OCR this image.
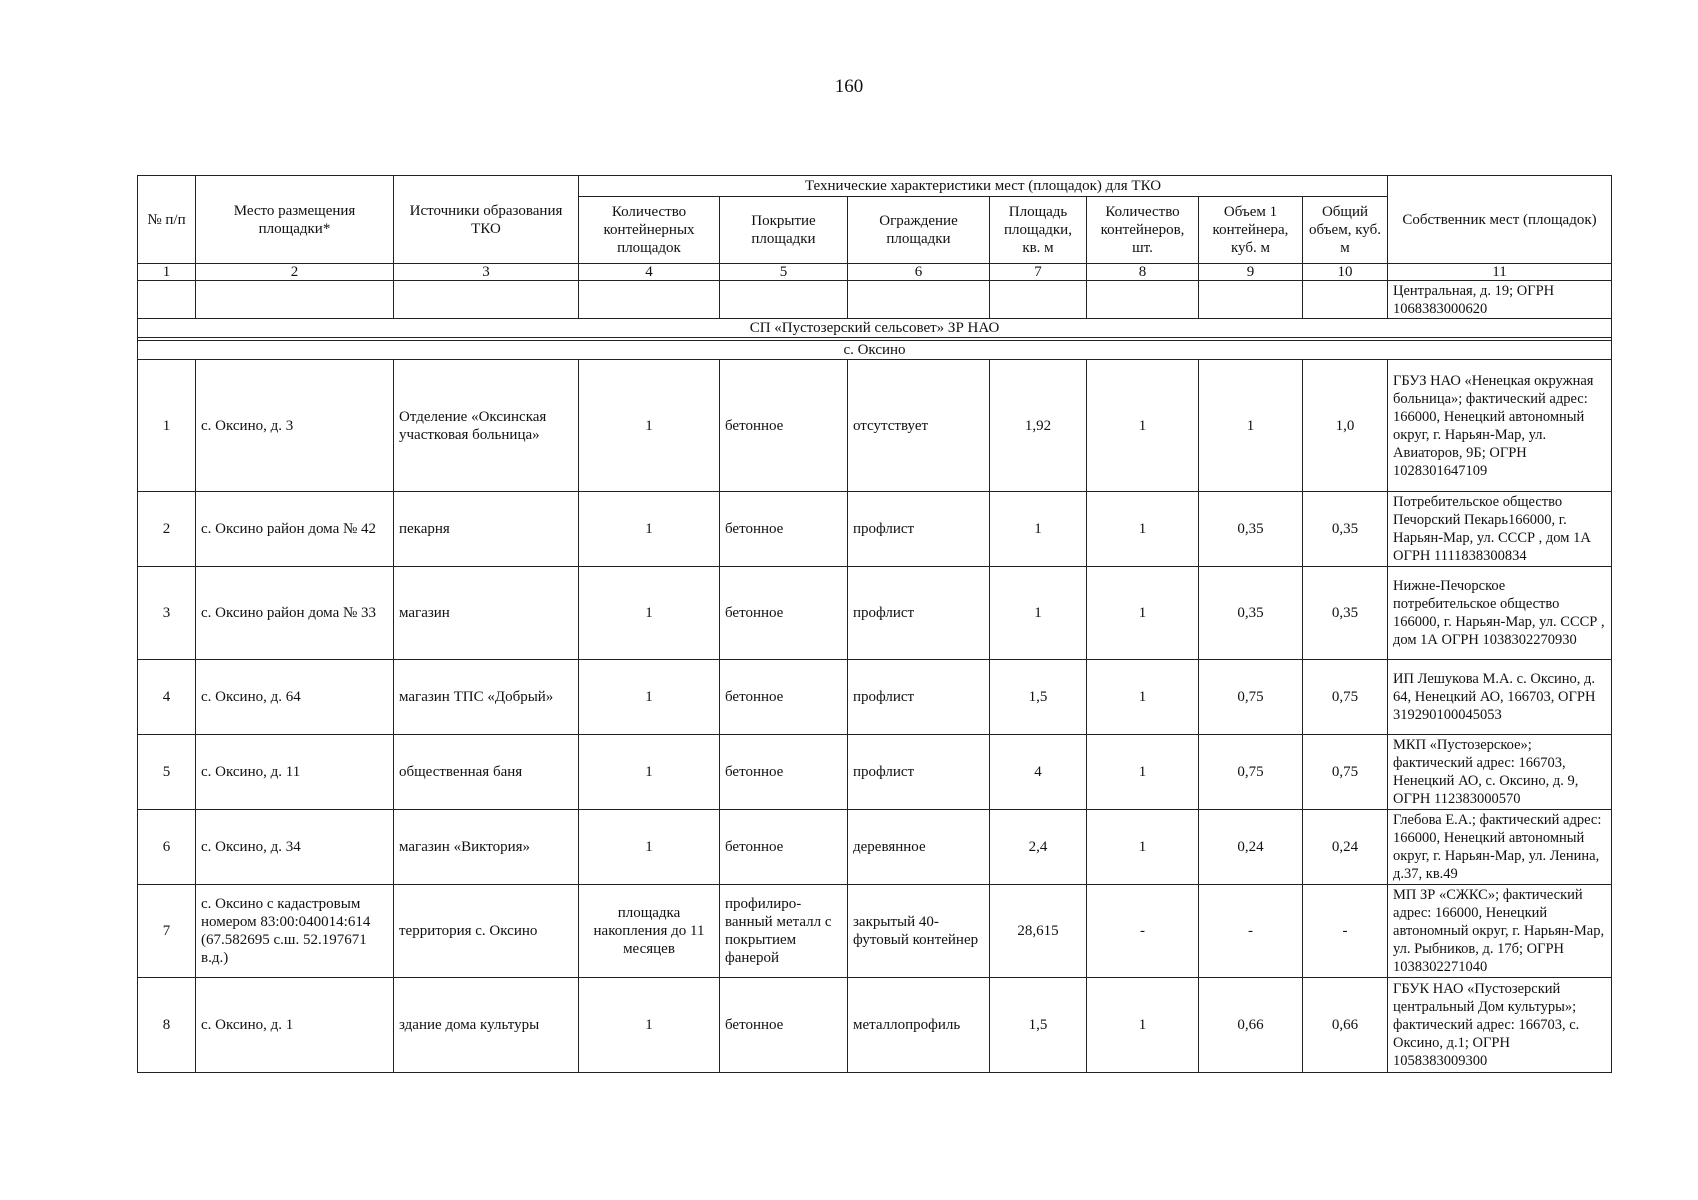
160
№ п/п	Место размещения площадки*	Источники образования ТКО	Технические характеристики мест (площадок) для ТКО							Собственник мест (площадок)
			Количество контейнерных площадок	Покрытие площадки	Ограждение площадки	Площадь площадки, кв. м	Количество контейнеров, шт.	Объем 1 контейнера, куб. м	Общий объем, куб. м	
1	2	3	4	5	6	7	8	9	10	11
										Центральная, д. 19; ОГРН 1068383000620
СП «Пустозерский сельсовет» ЗР НАО										

с. Оксино										
1	с. Оксино, д. 3	Отделение «Оксинская участковая больница»	1	бетонное	отсутствует	1,92	1	1	1,0	ГБУЗ НАО «Ненецкая окружная больница»; фактический адрес: 166000, Ненецкий автономный округ, г. Нарьян-Мар, ул. Авиаторов, 9Б; ОГРН 1028301647109
2	с. Оксино район дома № 42	пекарня	1	бетонное	профлист	1	1	0,35	0,35	Потребительское общество Печорский Пекарь166000, г. Нарьян-Мар, ул. СССР , дом 1А ОГРН 1111838300834
3	с. Оксино район дома № 33	магазин	1	бетонное	профлист	1	1	0,35	0,35	Нижне-Печорское потребительское общество 166000, г. Нарьян-Мар, ул. СССР , дом 1А ОГРН 1038302270930
4	с. Оксино, д. 64	магазин ТПС «Добрый»	1	бетонное	профлист	1,5	1	0,75	0,75	ИП Лешукова М.А. с. Оксино, д. 64, Ненецкий АО, 166703, ОГРН 319290100045053
5	с. Оксино, д. 11	общественная баня	1	бетонное	профлист	4	1	0,75	0,75	МКП «Пустозерское»; фактический адрес: 166703, Ненецкий АО, с. Оксино, д. 9, ОГРН 112383000570
6	с. Оксино, д. 34	магазин «Виктория»	1	бетонное	деревянное	2,4	1	0,24	0,24	Глебова Е.А.; фактический адрес: 166000, Ненецкий автономный округ, г. Нарьян-Мар, ул. Ленина, д.37, кв.49
7	с. Оксино с кадастровым номером 83:00:040014:614 (67.582695 с.ш. 52.197671 в.д.)	территория с. Оксино	площадка накопления до 11 месяцев	профилиро-ванный металл с покрытием фанерой	закрытый 40-футовый контейнер	28,615	-	-	-	МП ЗР «СЖКС»; фактический адрес: 166000, Ненецкий автономный округ, г. Нарьян-Мар, ул. Рыбников, д. 17б; ОГРН 1038302271040
8	с. Оксино, д. 1	здание дома культуры	1	бетонное	металлопрофиль	1,5	1	0,66	0,66	ГБУК НАО «Пустозерский центральный Дом культуры»; фактический адрес: 166703, с. Оксино, д.1; ОГРН 1058383009300
